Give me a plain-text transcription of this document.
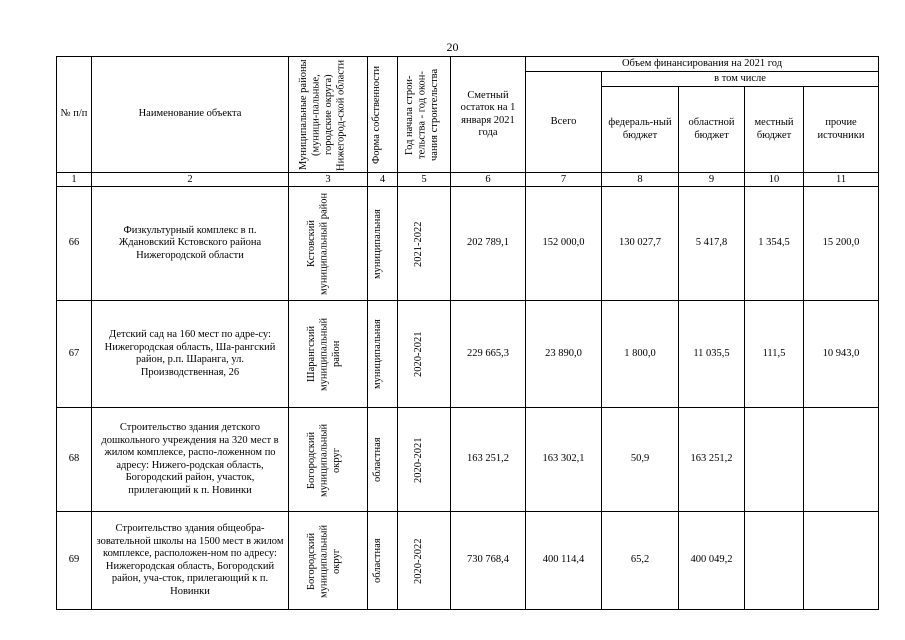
20
№ п/п	Наименование объекта	Муниципальные районы (муници-пальные, городские округа) Нижегород-ской области	Форма собственности	Год начала строи-тельства - год окон-чания строительства	Сметный остаток на 1 января 2021 года	Объем финансирования на 2021 год				
						Всего	в том числе			
							федераль-ный бюджет	областной бюджет	местный бюджет	прочие источники
1	2	3	4	5	6	7	8	9	10	11
66	Физкультурный комплекс в п. Ждановский Кстовского района Нижегородской области	Кстовский муниципальный район	муниципальная	2021-2022	202 789,1	152 000,0	130 027,7	5 417,8	1 354,5	15 200,0
67	Детский сад на 160 мест по адре-су: Нижегородская область, Ша-рангский район, р.п. Шаранга, ул. Производственная, 26	Шарангский муниципальный район	муниципальная	2020-2021	229 665,3	23 890,0	1 800,0	11 035,5	111,5	10 943,0
68	Строительство здания детского дошкольного учреждения на 320 мест в жилом комплексе, распо-ложенном по адресу: Нижего-родская область, Богородский район, участок, прилегающий к п. Новинки	Богородский муниципальный округ	областная	2020-2021	163 251,2	163 302,1	50,9	163 251,2		
69	Строительство здания общеобра-зовательной школы на 1500 мест в жилом комплексе, расположен-ном по адресу: Нижегородская область, Богородский район, уча-сток, прилегающий к п. Новинки	Богородский муниципальный округ	областная	2020-2022	730 768,4	400 114,4	65,2	400 049,2		
